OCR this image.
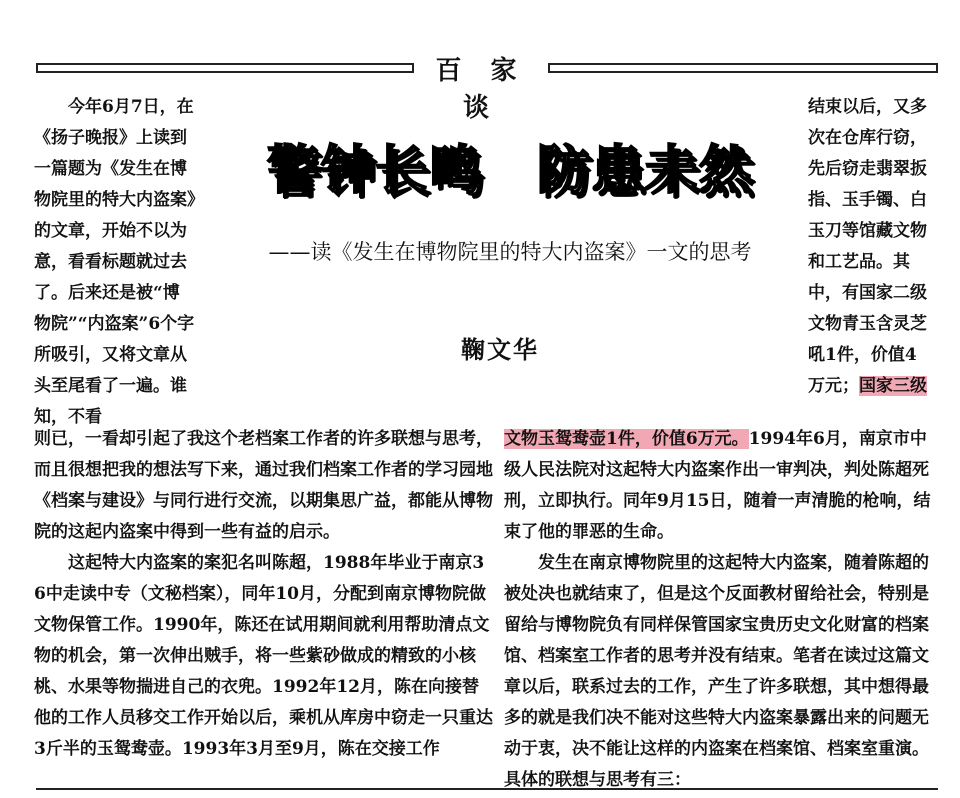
百 家 谈
今年6月7日，在《扬子晚报》上读到一篇题为《发生在博物院里的特大内盗案》的文章，开始不以为意，看看标题就过去了。后来还是被“博物院”“内盗案”6个字所吸引，又将文章从头至尾看了一遍。谁知，不看
警钟长鸣　防患未然
——读《发生在博物院里的特大内盗案》一文的思考
鞠文华
结束以后，又多次在仓库行窃，先后窃走翡翠扳指、玉手镯、白玉刀等馆藏文物和工艺品。其中，有国家二级文物青玉含灵芝吼1件，价值4万元；国家三级

则已，一看却引起了我这个老档案工作者的许多联想与思考，而且很想把我的想法写下来，通过我们档案工作者的学习园地《档案与建设》与同行进行交流，以期集思广益，都能从博物院的这起内盗案中得到一些有益的启示。

这起特大内盗案的案犯名叫陈超，1988年毕业于南京36中走读中专（文秘档案），同年10月，分配到南京博物院做文物保管工作。1990年，陈还在试用期间就利用帮助清点文物的机会，第一次伸出贼手，将一些紫砂做成的精致的小核桃、水果等物揣进自己的衣兜。1992年12月，陈在向接替他的工作人员移交工作开始以后，乘机从库房中窃走一只重达3斤半的玉鸳鸯壶。1993年3月至9月，陈在交接工作

文物玉鸳鸯壶1件，价值6万元。1994年6月，南京市中级人民法院对这起特大内盗案作出一审判决，判处陈超死刑，立即执行。同年9月15日，随着一声清脆的枪响，结束了他的罪恶的生命。

发生在南京博物院里的这起特大内盗案，随着陈超的被处决也就结束了，但是这个反面教材留给社会，特别是留给与博物院负有同样保管国家宝贵历史文化财富的档案馆、档案室工作者的思考并没有结束。笔者在读过这篇文章以后，联系过去的工作，产生了许多联想，其中想得最多的就是我们决不能对这些特大内盗案暴露出来的问题无动于衷，决不能让这样的内盗案在档案馆、档案室重演。具体的联想与思考有三：
